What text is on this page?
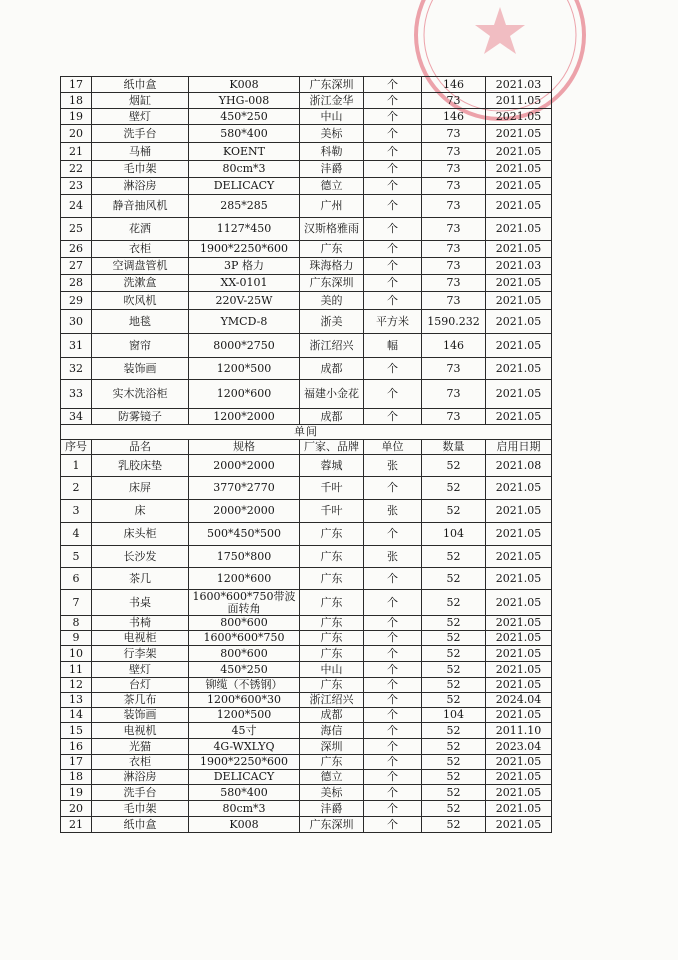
17	纸巾盒	K008	广东深圳	个	146	2021.03
18	烟缸	YHG-008	浙江金华	个	73	2011.05
19	壁灯	450*250	中山	个	146	2021.05
20	洗手台	580*400	美标	个	73	2021.05
21	马桶	KOENT	科勒	个	73	2021.05
22	毛巾架	80cm*3	沣爵	个	73	2021.05
23	淋浴房	DELICACY	德立	个	73	2021.05
24	静音抽风机	285*285	广州	个	73	2021.05
25	花洒	1127*450	汉斯格雅雨	个	73	2021.05
26	衣柜	1900*2250*600	广东	个	73	2021.05
27	空调盘管机	3P 格力	珠海格力	个	73	2021.03
28	洗漱盒	XX-0101	广东深圳	个	73	2021.05
29	吹风机	220V-25W	美的	个	73	2021.05
30	地毯	YMCD-8	浙美	平方米	1590.232	2021.05
31	窗帘	8000*2750	浙江绍兴	幅	146	2021.05
32	装饰画	1200*500	成都	个	73	2021.05
33	实木洗浴柜	1200*600	福建小金花	个	73	2021.05
34	防雾镜子	1200*2000	成都	个	73	2021.05
单间						
序号	品名	规格	厂家、品牌	单位	数量	启用日期
1	乳胶床垫	2000*2000	蓉城	张	52	2021.08
2	床屏	3770*2770	千叶	个	52	2021.05
3	床	2000*2000	千叶	张	52	2021.05
4	床头柜	500*450*500	广东	个	104	2021.05
5	长沙发	1750*800	广东	张	52	2021.05
6	茶几	1200*600	广东	个	52	2021.05
7	书桌	1600*600*750带波面转角	广东	个	52	2021.05
8	书椅	800*600	广东	个	52	2021.05
9	电视柜	1600*600*750	广东	个	52	2021.05
10	行李架	800*600	广东	个	52	2021.05
11	壁灯	450*250	中山	个	52	2021.05
12	台灯	铆缆（不锈钢）	广东	个	52	2021.05
13	茶几布	1200*600*30	浙江绍兴	个	52	2024.04
14	装饰画	1200*500	成都	个	104	2021.05
15	电视机	45寸	海信	个	52	2011.10
16	光猫	4G-WXLYQ	深圳	个	52	2023.04
17	衣柜	1900*2250*600	广东	个	52	2021.05
18	淋浴房	DELICACY	德立	个	52	2021.05
19	洗手台	580*400	美标	个	52	2021.05
20	毛巾架	80cm*3	沣爵	个	52	2021.05
21	纸巾盒	K008	广东深圳	个	52	2021.05
